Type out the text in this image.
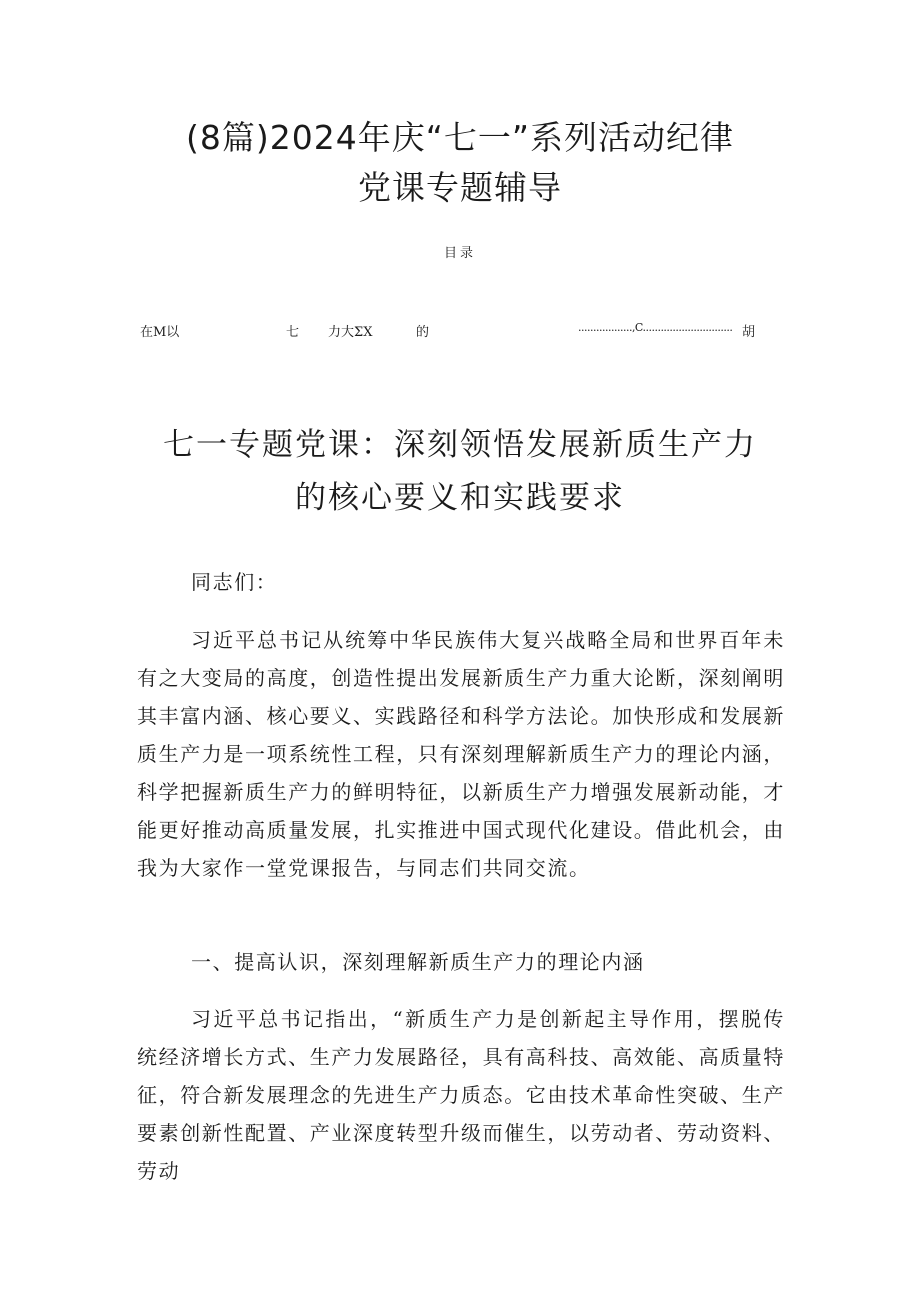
(8篇)2024年庆“七一”系列活动纪律
党课专题辅导
目录
在M以	七 力大ΣX	的	..................,C.............................. 胡
七一专题党课：深刻领悟发展新质生产力
的核心要义和实践要求

同志们：

习近平总书记从统筹中华民族伟大复兴战略全局和世界百年未有之大变局的高度，创造性提出发展新质生产力重大论断，深刻阐明其丰富内涵、核心要义、实践路径和科学方法论。加快形成和发展新质生产力是一项系统性工程，只有深刻理解新质生产力的理论内涵，科学把握新质生产力的鲜明特征，以新质生产力增强发展新动能，才能更好推动高质量发展，扎实推进中国式现代化建设。借此机会，由我为大家作一堂党课报告，与同志们共同交流。

一、提高认识，深刻理解新质生产力的理论内涵

习近平总书记指出，“新质生产力是创新起主导作用，摆脱传统经济增长方式、生产力发展路径，具有高科技、高效能、高质量特征，符合新发展理念的先进生产力质态。它由技术革命性突破、生产要素创新性配置、产业深度转型升级而催生，以劳动者、劳动资料、劳动
